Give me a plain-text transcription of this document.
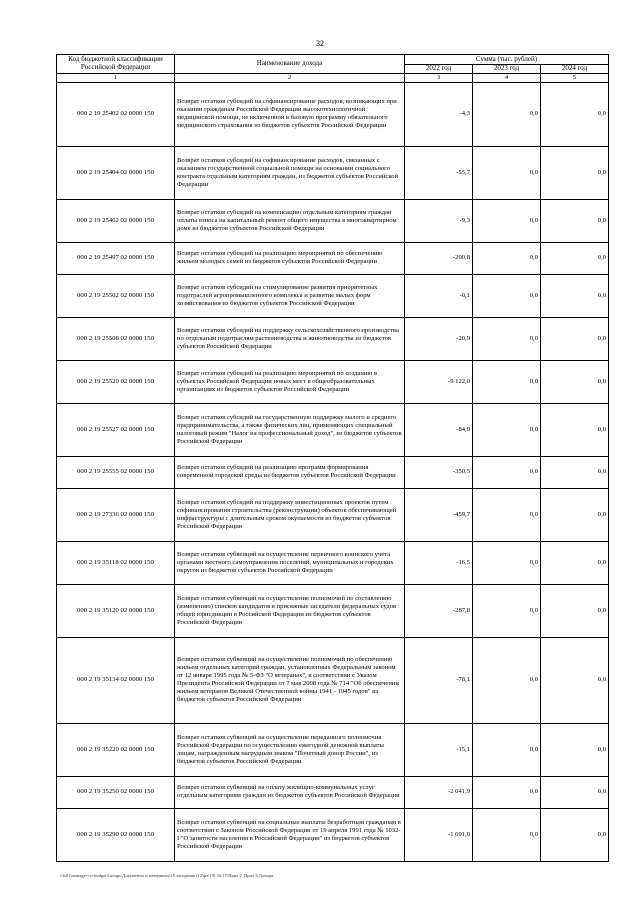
32
Код бюджетной классификации Российской Федерации	Наименование дохода	Сумма (тыс. рублей)		
		2022 год	2023 год	2024 год
1	2	3	4	5
000 2 19 25402 02 0000 150	Возврат остатков субсидий на софинансирование расходов, возникающих при оказании гражданам Российской Федерации высокотехнологичной медицинской помощи, не включенной в базовую программу обязательного медицинского страхования из бюджетов субъектов Российской Федерации	-4,3	0,0	0,0
000 2 19 25404 02 0000 150	Возврат остатков субсидий на софинансирование расходов, связанных с оказанием государственной социальной помощи на основании социального контракта отдельным категориям граждан, из бюджетов субъектов Российской Федерации	-55,7	0,0	0,0
000 2 19 25462 02 0000 150	Возврат остатков субсидий на компенсацию отдельным категориям граждан оплаты взноса на капитальный ремонт общего имущества в многоквартирном доме из бюджетов субъектов Российской Федерации	-9,3	0,0	0,0
000 2 19 25497 02 0000 150	Возврат остатков субсидий на реализацию мероприятий по обеспечению жильем молодых семей из бюджетов субъектов Российской Федерации	-200,8	0,0	0,0
000 2 19 25502 02 0000 150	Возврат остатков субсидий на стимулирование развития приоритетных подотраслей агропромышленного комплекса и развитие малых форм хозяйствования из бюджетов субъектов Российской Федерации	-0,1	0,0	0,0
000 2 19 25508 02 0000 150	Возврат остатков субсидий на поддержку сельскохозяйственного производства по отдельным подотраслям растениеводства и животноводства из бюджетов субъектов Российской Федерации	-20,9	0,0	0,0
000 2 19 25520 02 0000 150	Возврат остатков субсидий на реализацию мероприятий по созданию в субъектах Российской Федерации новых мест в общеобразовательных организациях из бюджетов субъектов Российской Федерации	-9 122,0	0,0	0,0
000 2 19 25527 02 0000 150	Возврат остатков субсидий на государственную поддержку малого и среднего предпринимательства, а также физических лиц, применяющих специальный налоговый режим "Налог на профессиональный доход", из бюджетов субъектов Российской Федерации	-84,9	0,0	0,0
000 2 19 25555 02 0000 150	Возврат остатков субсидий на реализацию программ формирования современной городской среды из бюджетов субъектов Российской Федерации	-350,5	0,0	0,0
000 2 19 27336 02 0000 150	Возврат остатков субсидий на поддержку инвестиционных проектов путем софинансирования строительства (реконструкции) объектов обеспечивающей инфраструктуры с длительным сроком окупаемости из бюджетов субъектов Российской Федерации	-459,7	0,0	0,0
000 2 19 35118 02 0000 150	Возврат остатков субвенций на осуществление первичного воинского учета органами местного самоуправления поселений, муниципальных и городских округов из бюджетов субъектов Российской Федерации	-16,5	0,0	0,0
000 2 19 35120 02 0000 150	Возврат остатков субвенций на осуществление полномочий по составлению (изменению) списков кандидатов в присяжные заседатели федеральных судов общей юрисдикции в Российской Федерации из бюджетов субъектов Российской Федерации	-287,8	0,0	0,0
000 2 19 35134 02 0000 150	Возврат остатков субвенций на осуществление полномочий по обеспечению жильем отдельных категорий граждан, установленных Федеральным законом от 12 января 1995 года № 5-ФЗ "О ветеранах", в соответствии с Указом Президента Российской Федерации от 7 мая 2008 года № 714 "Об обеспечении жильем ветеранов Великой Отечественной войны 1941 - 1945 годов" из бюджетов субъектов Российской Федерации	-78,1	0,0	0,0
000 2 19 35220 02 0000 150	Возврат остатков субвенций на осуществление переданного полномочия Российской Федерации по осуществлению ежегодной денежной выплаты лицам, награжденным нагрудным знаком "Почетный донор России", из бюджетов субъектов Российской Федерации	-15,1	0,0	0,0
000 2 19 35250 02 0000 150	Возврат остатков субвенций на оплату жилищно-коммунальных услуг отдельным категориям граждан из бюджетов субъектов Российской Федерации	-2 041,9	0,0	0,0
000 2 19 35290 02 0000 150	Возврат остатков субвенций на социальные выплаты безработным гражданам в соответствии с Законом Российской Федерации от 19 апреля 1991 года № 1032-I "О занятости населения в Российской Федерации" из бюджетов субъектов Российской Федерации	-1 691,0	0,0	0,0
\\fs01\manager-co-budget\Groups\Документы и материалы\19 заседание (12\фз\19) 3б-17\Прил 2_Прил 5 Доходы
